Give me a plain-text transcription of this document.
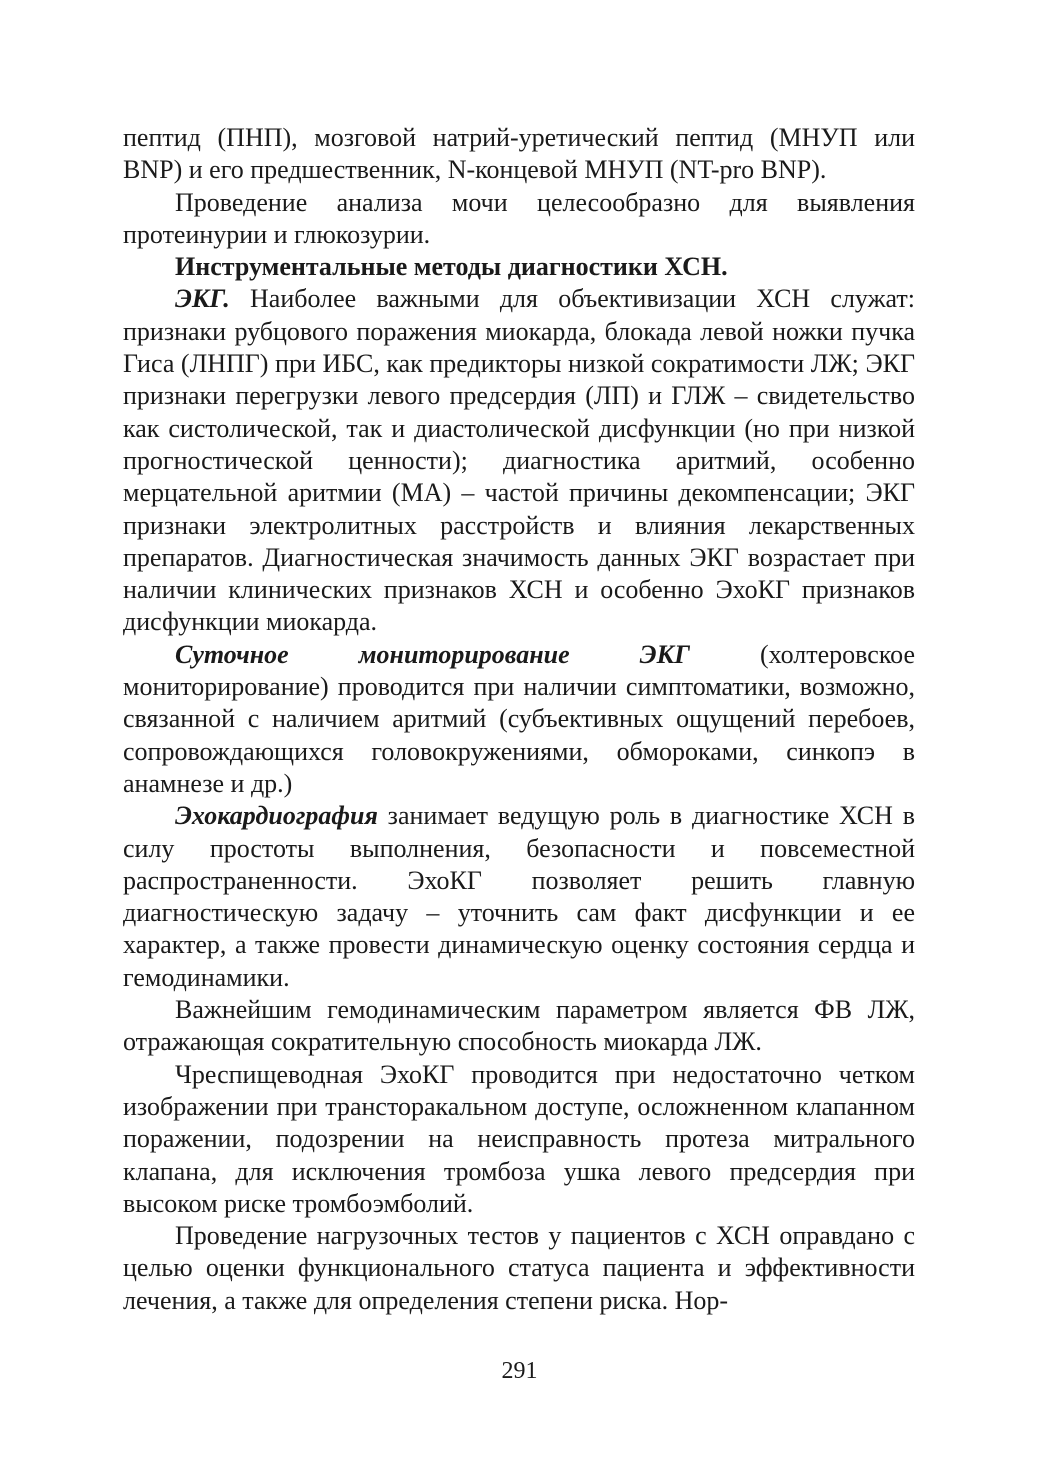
пептид (ПНП), мозговой натрий-уретический пептид (МНУП или BNP) и его предшественник, N-концевой МНУП (NT-pro BNP).

Проведение анализа мочи целесообразно для выявления протеинурии и глюкозурии.

Инструментальные методы диагностики ХСН.

ЭКГ. Наиболее важными для объективизации ХСН служат: признаки рубцового поражения миокарда, блокада левой ножки пучка Гиса (ЛНПГ) при ИБС, как предикторы низкой сократимости ЛЖ; ЭКГ признаки перегрузки левого предсердия (ЛП) и ГЛЖ – свидетельство как систолической, так и диастолической дисфункции (но при низкой прогностической ценности); диагностика аритмий, особенно мерцательной аритмии (МА) – частой причины декомпенсации; ЭКГ признаки электролитных расстройств и влияния лекарственных препаратов. Диагностическая значимость данных ЭКГ возрастает при наличии клинических признаков ХСН и особенно ЭхоКГ признаков дисфункции миокарда.

Суточное мониторирование ЭКГ (холтеровское мониторирование) проводится при наличии симптоматики, возможно, связанной с наличием аритмий (субъективных ощущений перебоев, сопровождающихся головокружениями, обмороками, синкопэ в анамнезе и др.)

Эхокардиография занимает ведущую роль в диагностике ХСН в силу простоты выполнения, безопасности и повсеместной распространенности. ЭхоКГ позволяет решить главную диагностическую задачу – уточнить сам факт дисфункции и ее характер, а также провести динамическую оценку состояния сердца и гемодинамики.

Важнейшим гемодинамическим параметром является ФВ ЛЖ, отражающая сократительную способность миокарда ЛЖ.

Чреспищеводная ЭхоКГ проводится при недостаточно четком изображении при трансторакальном доступе, осложненном клапанном поражении, подозрении на неисправность протеза митрального клапана, для исключения тромбоза ушка левого предсердия при высоком риске тромбоэмболий.

Проведение нагрузочных тестов у пациентов с ХСН оправдано с целью оценки функционального статуса пациента и эффективности лечения, а также для определения степени риска. Нор-

291
